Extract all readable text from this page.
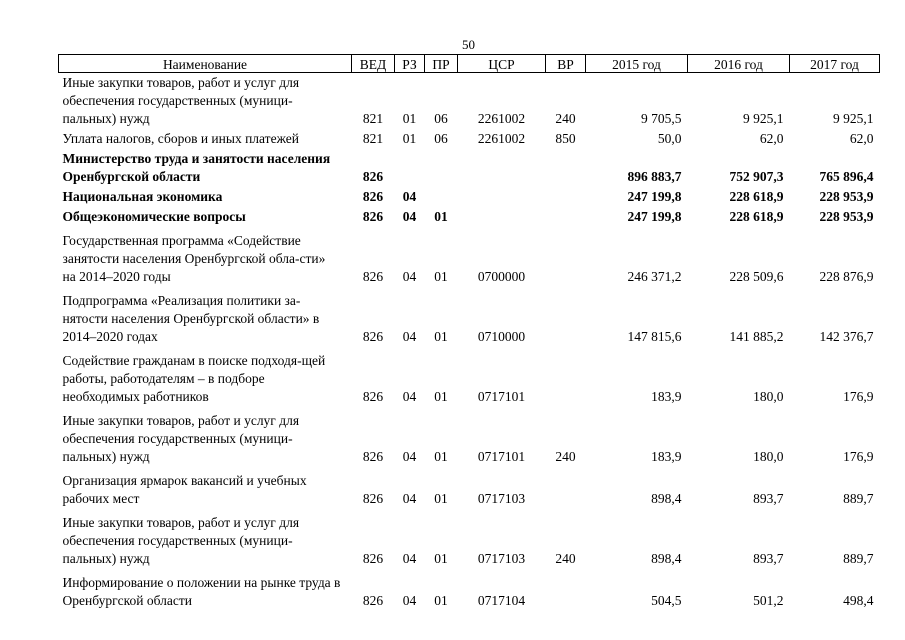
50
Наименование	ВЕД	РЗ	ПР	ЦСР	ВР	2015 год	2016 год	2017 год
Иные закупки товаров, работ и услуг для обеспечения государственных (муници-пальных) нужд	821	01	06	2261002	240	9 705,5	9 925,1	9 925,1
Уплата налогов, сборов и иных платежей	821	01	06	2261002	850	50,0	62,0	62,0
Министерство труда и занятости населения Оренбургской области	826					896 883,7	752 907,3	765 896,4
Национальная экономика	826	04				247 199,8	228 618,9	228 953,9
Общеэкономические вопросы	826	04	01			247 199,8	228 618,9	228 953,9
Государственная программа «Содействие занятости населения Оренбургской обла-сти» на 2014–2020 годы	826	04	01	0700000		246 371,2	228 509,6	228 876,9
Подпрограмма «Реализация политики за-нятости населения Оренбургской области» в 2014–2020 годах	826	04	01	0710000		147 815,6	141 885,2	142 376,7
Содействие гражданам в поиске подходя-щей работы, работодателям – в подборе необходимых работников	826	04	01	0717101		183,9	180,0	176,9
Иные закупки товаров, работ и услуг для обеспечения государственных (муници-пальных) нужд	826	04	01	0717101	240	183,9	180,0	176,9
Организация ярмарок вакансий и учебных рабочих мест	826	04	01	0717103		898,4	893,7	889,7
Иные закупки товаров, работ и услуг для обеспечения государственных (муници-пальных) нужд	826	04	01	0717103	240	898,4	893,7	889,7
Информирование о положении на рынке труда в Оренбургской области	826	04	01	0717104		504,5	501,2	498,4
